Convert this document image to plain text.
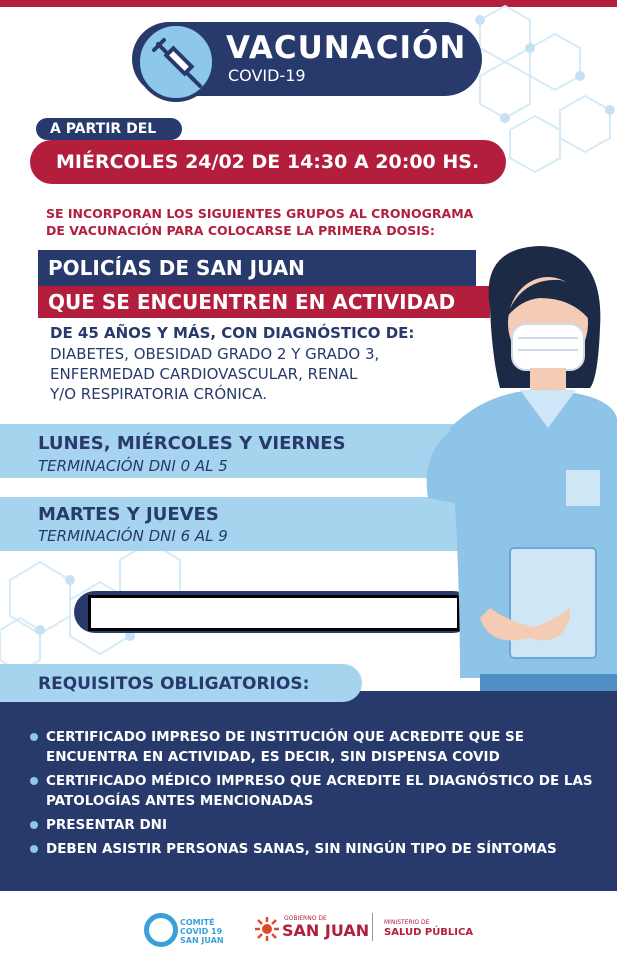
VACUNACIÓN
COVID-19
A PARTIR DEL
MIÉRCOLES 24/02 DE 14:30 A 20:00 HS.
SE INCORPORAN LOS SIGUIENTES GRUPOS AL CRONOGRAMA
DE VACUNACIÓN PARA COLOCARSE LA PRIMERA DOSIS:
POLICÍAS DE SAN JUAN
QUE SE ENCUENTREN EN ACTIVIDAD
DE 45 AÑOS Y MÁS, CON DIAGNÓSTICO DE:
DIABETES, OBESIDAD GRADO 2 Y GRADO 3,
ENFERMEDAD CARDIOVASCULAR, RENAL
Y/O RESPIRATORIA CRÓNICA.
LUNES, MIÉRCOLES Y VIERNES
TERMINACIÓN DNI 0 AL 5
MARTES Y JUEVES
TERMINACIÓN DNI 6 AL 9
REQUISITOS OBLIGATORIOS:
CERTIFICADO IMPRESO DE INSTITUCIÓN QUE ACREDITE QUE SE ENCUENTRA EN ACTIVIDAD, ES DECIR, SIN DISPENSA COVID
CERTIFICADO MÉDICO IMPRESO QUE ACREDITE EL DIAGNÓSTICO DE LAS PATOLOGÍAS ANTES MENCIONADAS
PRESENTAR DNI
DEBEN ASISTIR PERSONAS SANAS, SIN NINGÚN TIPO DE SÍNTOMAS
COMITÉ
COVID 19
SAN JUAN
GOBIERNO DE
SAN JUAN MINISTERIO DE
SALUD PÚBLICA
